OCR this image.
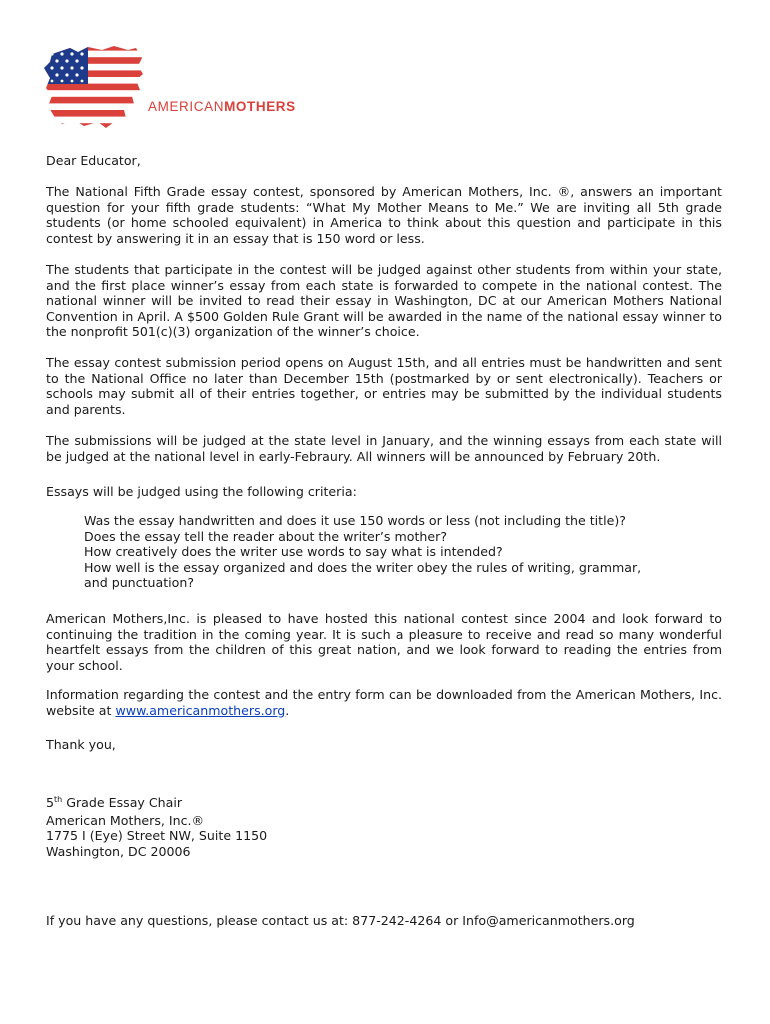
AMERICANMOTHERS

Dear Educator,

The National Fifth Grade essay contest, sponsored by American Mothers, Inc. ®, answers an important question for your fifth grade students: “What My Mother Means to Me.” We are inviting all 5th grade students (or home schooled equivalent) in America to think about this question and participate in this contest by answering it in an essay that is 150 word or less.

The students that participate in the contest will be judged against other students from within your state, and the first place winner’s essay from each state is forwarded to compete in the national contest. The national winner will be invited to read their essay in Washington, DC at our American Mothers National Convention in April. A $500 Golden Rule Grant will be awarded in the name of the national essay winner to the nonprofit 501(c)(3) organization of the winner’s choice.

The essay contest submission period opens on August 15th, and all entries must be handwritten and sent to the National Office no later than December 15th (postmarked by or sent electronically). Teachers or schools may submit all of their entries together, or entries may be submitted by the individual students and parents.

The submissions will be judged at the state level in January, and the winning essays from each state will be judged at the national level in early-Febraury. All winners will be announced by February 20th.

Essays will be judged using the following criteria:

Was the essay handwritten and does it use 150 words or less (not including the title)?
Does the essay tell the reader about the writer’s mother?
How creatively does the writer use words to say what is intended?
How well is the essay organized and does the writer obey the rules of writing, grammar,
and punctuation?

American Mothers,Inc. is pleased to have hosted this national contest since 2004 and look forward to continuing the tradition in the coming year. It is such a pleasure to receive and read so many wonderful heartfelt essays from the children of this great nation, and we look forward to reading the entries from your school.

Information regarding the contest and the entry form can be downloaded from the American Mothers, Inc. website at www.americanmothers.org.

Thank you,

5th Grade Essay Chair
American Mothers, Inc.®
1775 I (Eye) Street NW, Suite 1150
Washington, DC 20006

If you have any questions, please contact us at: 877-242-4264 or Info@americanmothers.org
